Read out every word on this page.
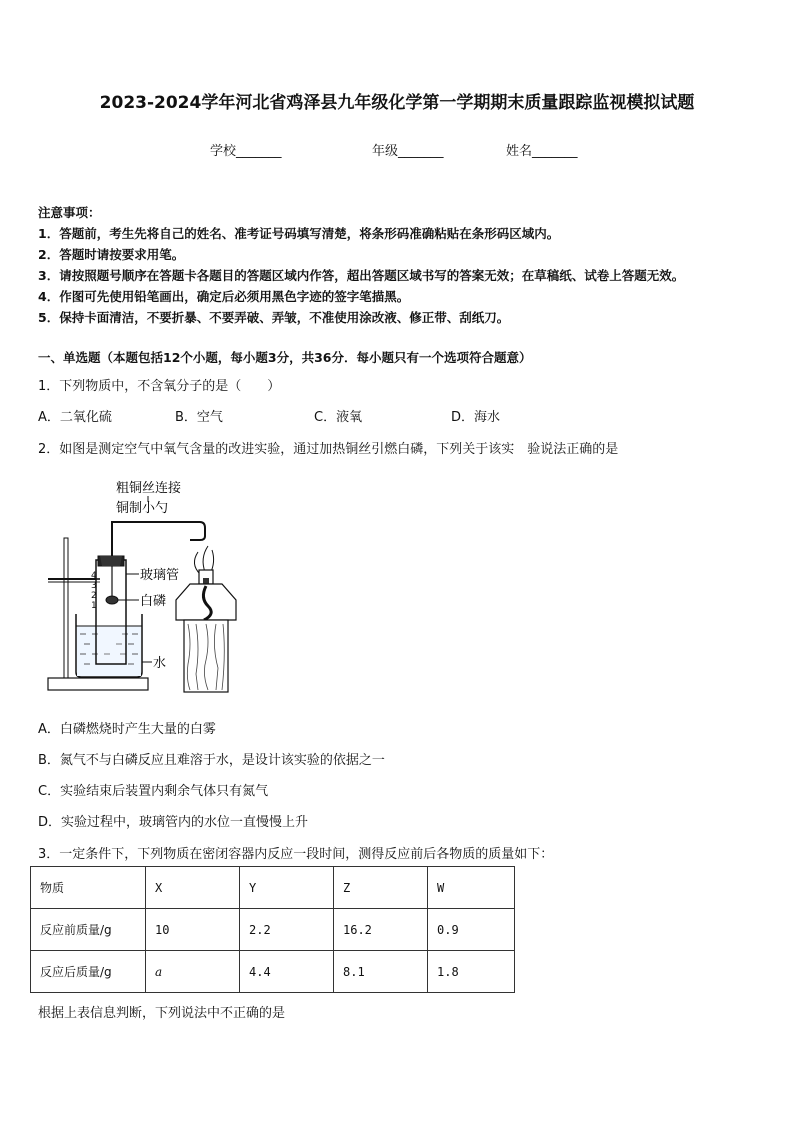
2023-2024学年河北省鸡泽县九年级化学第一学期期末质量跟踪监视模拟试题
学校_______	年级_______	姓名_______
注意事项：
1．答题前，考生先将自己的姓名、准考证号码填写清楚，将条形码准确粘贴在条形码区域内。
2．答题时请按要求用笔。
3．请按照题号顺序在答题卡各题目的答题区域内作答，超出答题区域书写的答案无效；在草稿纸、试卷上答题无效。
4．作图可先使用铅笔画出，确定后必须用黑色字迹的签字笔描黑。
5．保持卡面清洁，不要折暴、不要弄破、弄皱，不准使用涂改液、修正带、刮纸刀。
一、单选题（本题包括12个小题，每小题3分，共36分．每小题只有一个选项符合题意）
1．下列物质中，不含氧分子的是（　　）
A．二氧化硫	B．空气	C．液氧	D．海水
2．如图是测定空气中氧气含量的改进实验，通过加热铜丝引燃白磷，下列关于该实　验说法正确的是
粗铜丝连接
铜制小勺
4
3
2
1
玻璃管
白磷
水
A．白磷燃烧时产生大量的白雾
B．氮气不与白磷反应且难溶于水，是设计该实验的依据之一
C．实验结束后装置内剩余气体只有氮气
D．实验过程中，玻璃管内的水位一直慢慢上升
3．一定条件下，下列物质在密闭容器内反应一段时间，测得反应前后各物质的质量如下：
物质	X	Y	Z	W
反应前质量/g	10	2.2	16.2	0.9
反应后质量/g	a	4.4	8.1	1.8
根据上表信息判断，下列说法中不正确的是
